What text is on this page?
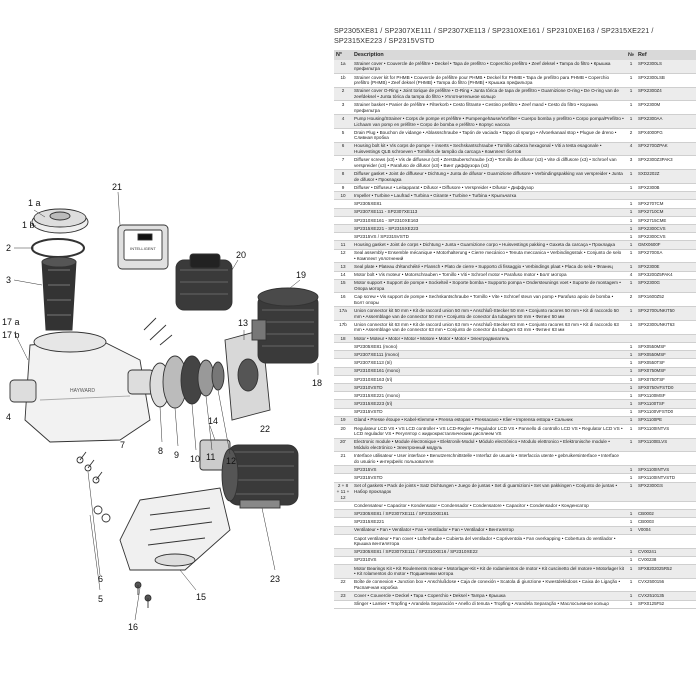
HAYWARD
INTELLIGENT
1 a
1 b
2
3
17 a
17 b
4
5
6
7
8 9 10 11 12
13
14
15
16
18
19
20
21
22
23
SP2305XE81 / SP2307XE111 / SP2307XE113 / SP2310XE161 / SP2310XE163 / SP2315XE221 /
SP2315XE223 / SP2315VSTD
N°	Description	№	Ref
1a	Strainer cover • Couvercle de préfiltre • Deckel • Tapa de prefiltro • Coperchio prefiltro • Zeef deksel • Tampa do filtro • Крышка префильтра	1	SPX2300LS
1b	Strainer cover kit for PHMB • Couvercle de préfiltre pour PHMB • Deckel für PHMB • Tapa de prefiltro para PHMB • Coperchio prefiltro (PHMB) • Zeef deksel (PHMB) • Tampa do filtro (PHMB) • Крышка префильтра	1	SPX2300LSB
2	Strainer cover O-Ring • Joint torique de préfiltre • O-Ring • Junta tórica de tapa de prefiltro • Guarnizione O-ring • De O-ring van de zeefdeksel • Junta tórica da tampa do filtro • Уплотнительное кольцо	1	SPX2300Z4
3	Strainer basket • Panier de préfiltre • Filterkorb • Cesto filtrante • Cestino prefiltro • Zeef mand • Cesto do filtro • Корзина префильтра	1	SPX2300M
4	Pump Housing/Strainer • Corps de pompe et préfiltre • Pumpengehäuse/Vorfilter • Cuerpo bomba y prefiltro • Corpo pompa/Prefiltro • Lichaam van pomp en préfiltre • Corpo de bomba e préfiltro • Корпус насоса	1	SPX2300AA
5	Drain Plug • Bouchon de vidange • Ablassschraube • Tapón de vaciado • Tappo di spurgo • Afvoerkanaal stop • Plugue de dreno • Сливная пробка	2	SPX4000FG
6	Housing bolt kit • Vis corps de pompe + inserts • Sechskantschraube • Tornillo cabeza hexagonal • Viti a testa esagonale • Huisvestings QLB schroeven • Tornillos de tampão da carcaça • Комплект болтов	4	SPX2700ZPAK
7	Diffuser screws (x3) • Vis de diffuseur (x3) • Zerstäuberschraube (x3) • Tornillo de difusor (x3) • Vite di diffusore (x3) • Schroef van verspreider (x3) • Parafuso de difusor (x3) • Винт диффузора (x3)	3	SPX2300Z3PAK3
8	Diffuser gasket • Joint de diffuseur • Dichtung • Junta de difusor • Guarnizione diffusore • Verbindingspakking van verspreider • Junta de difusor • Прокладка	1	SXD2202Z
9	Diffuser • Diffuseur • Leitapparat • Difusor • Diffusore • Verspreider • Difusor • Диффузор	1	SPX2300B
10	Impeller • Turbine • Laufrad • Turbina • Girante • Turbine • Turbina • Крыльчатка		
	SP2305XE81	1	SPX2707CM
	SP2307XE111 - SP2307XE113	1	SPX2710CM
	SP2310XE161 - SP2310XE163	1	SPX2715CME
	SP2315XE221 - SP2315XE223	1	SPX2300CVS
	SP2315VS / SP2315VSTD	1	SPX2300CVS
11	Housing gasket • Joint de corps • Dichtung • Junta • Guarnizione corpo • Huisvestings pakking • Gaxeta da carcaça • Прокладка	1	GMX0600F
12	Seal assembly • Ensemble mécanique • Motorhalterung • Cierre mecánico • Tenuta meccanica • Verbindingsstuk • Conjunto de selo • Комплект уплотнений	1	SPX2700SA
13	Seal plate • Plateau d'étanchéité • Flansch • Plato de cierre • Supporto di fissaggio • Verbindings plaat • Placa do selo • Фланец	1	SPX2300E
14	Motor bolt • Vis moteur • Motorschrauben • Tornillo • Viti • Schroef motor • Parafuso motor • Болт мотора	4	SPX3200Z5PAK4
15	Motor support • Support de pompe • Sockelteil • Soporte bomba • Supporto pompa • Ondersteunings voet • Suporte de montagem • Опора мотора	1	SPX2300G
16	Cap screw • Vis support de pompe • Sechskantschraube • Tornillo • Vite • Schroef steun van pomp • Parafuso apoio de bomba • Болт опоры	2	SPX1600Z52
17a	Union connector kit 50 mm • Kit de raccord union 50 mm • Anschluß-Stecker 50 mm • Conjunto racores 50 mm • Kit di raccordo 50 mm • Assemblage van de connector 50 mm • Conjunto de conector da tubagem 50 mm • Фитинг 50 мм	1	SPX2700UNKIT50
17b	Union connector kit 63 mm • Kit de raccord union 63 mm • Anschluß-Stecker 63 mm • Conjunto racores 63 mm • Kit di raccordo 63 mm • Assemblage van de connector 63 mm • Conjunto de conector da tubagem 63 mm • Фитинг 63 мм	1	SPX2300UNKIT63
18	Motor • Moteur • Motor • Motor • Motore • Motor • Motor • Электродвигатель		
	SP2305XE81 (mono)	1	SPX0550MSF
	SP2307XE111 (mono)	1	SPX0550MSF
	SP2307XE113 (tri)	1	SPX0550TSF
	SP2310XE161 (mono)	1	SPX0750MSF
	SP2310XE163 (tri)	1	SPX0750TSF
	SP2310VSTD	1	SPX0750VFSTD0
	SP2315XE221 (mono)	1	SPX1100MSF
	SP2315XE223 (tri)	1	SPX1100TSF
	SP2315VSTD	1	SPX1100VFSTD0
19	Gland • Presse étoupe • Kabel-Klemme • Prensa estopas • Pressacavo • Klier • Imprensa estopa • Сальник	1	SPX1100PE
20	Regulateur LCD VS • VS LCD controller • VS LCD-Regler • Regulador LCD VS • Pannello di controllo LCD VS • Regulator LCD VS • LCD regulador VS • Регулятор с жидкокристаллическим дисплеем VS	1	SPX1100INTVS
20'	Electronic module • Module électronique • Elektronik-Modul • Módulo electrónico • Modulo elettronico • Elektronische module • Módulo electrónico • Электронный модуль	1	SPX1100ELVS
21	Interface utilisateur • User interface • Benutzerschnittstelle • Interfaz de usuario • Interfaccia utente • gebruikersinterface • Interface do usuário • интерфейс пользователя		
	SP2315VS	1	SPX1100INTVS
	SP2315VSTD	1	SPX1100INTVSTD
2 + 8 + 11 + 12	Set of gaskets • Pack de joints • Satz Dichtungen • Juego de juntas • Set di guarnizioni • Set van pakkingen • Conjunto de juntas • Набор прокладок	1	SPX2300GS
	Condensateur • Capacitor • Kondensator • Condensador • Condensatore • Capacitor • Condensador • Конденсатор		
	SP2305XE81 / SP2307XE111 / SP2310XE161	1	CB0002
	SP2315XE221	1	CB0003
	Ventilateur • Fan • Ventilator • Fan • Ventilador • Fan • Ventilador • Вентилятор	1	V0004
	Capot ventilateur • Fan cover • Lüfterhaube • Cubierta del ventilador • Copriventola • Fan overkapping • Cobertura do ventilador • Крышка вентилятора		
	SP2305XE81 / SP2307XE111 / SP2310XE16 / SP2310XE22	1	CV00241
	SP2310VS	1	CV00238
	Motor Bearings Kit • Kit Roulements moteur • Motorlager-Kit • Kit de rodamientos de motor • Kit cuscinetto del motore • Motorlager kit • Kit rolamentos do motor • Подшипники мотора	1	SPX8202025R52
22	Boîte de connexion • Junction box • Anschlußdose • Caja de conexión • Scatola di giunzione • Kwestdekkdoos • Caixa de Ligação • Распаячная коробка	1	CVX2500156
23	Cover • Couvercle • Deckel • Tapa • Coperchio • Deksel • Tampa • Крышка	1	CVX2510135
	Slinger • Lamier • Tropfing • Arandela Separación • Anello di tenuta • Tropfing • Arandela Separação • Маслосъемное кольцо	1	SPX0125F52
